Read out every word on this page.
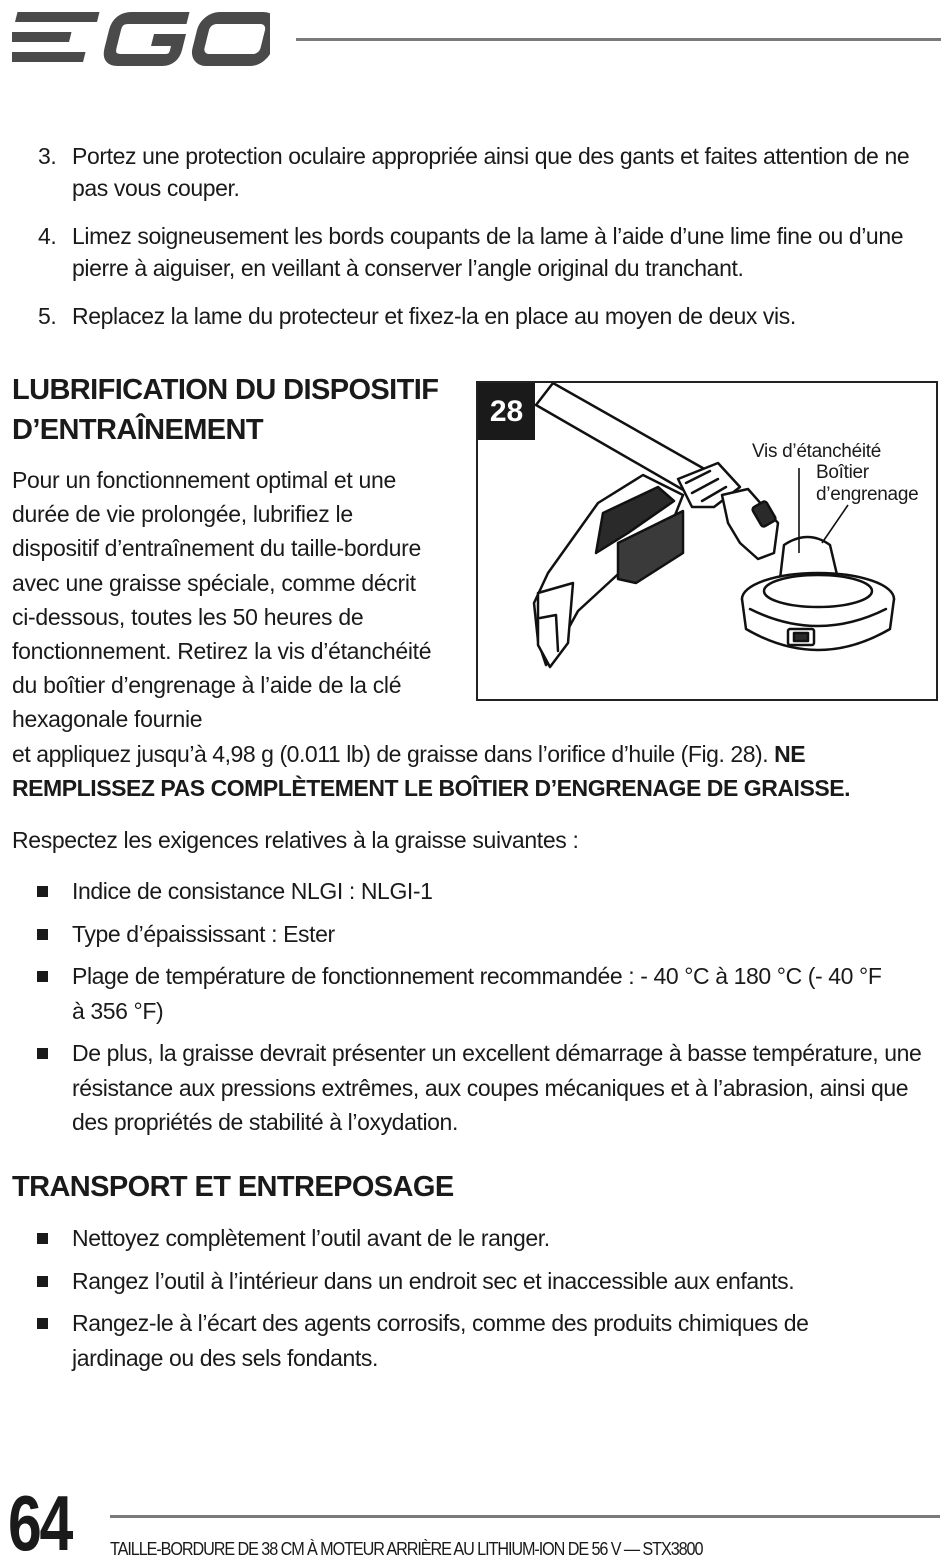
3. Portez une protection oculaire appropriée ainsi que des gants et faites attention de ne pas vous couper.
4. Limez soigneusement les bords coupants de la lame à l’aide d’une lime fine ou d’une pierre à aiguiser, en veillant à conserver l’angle original du tranchant.
5. Replacez la lame du protecteur et fixez-la en place au moyen de deux vis.
LUBRIFICATION DU DISPOSITIF
D’ENTRAÎNEMENT
Pour un fonctionnement optimal et une durée de vie prolongée, lubrifiez le dispositif d’entraînement du taille-bordure avec une graisse spéciale, comme décrit ci-dessous, toutes les 50 heures de fonctionnement. Retirez la vis d’étanchéité du boîtier d’engrenage à l’aide de la clé hexagonale fournie
et appliquez jusqu’à 4,98 g (0.011 lb) de graisse dans l’orifice d’huile (Fig. 28). NE REMPLISSEZ PAS COMPLÈTEMENT LE BOÎTIER D’ENGRENAGE DE GRAISSE.
28
Vis d’étanchéité
Boîtier
d’engrenage
Respectez les exigences relatives à la graisse suivantes :
Indice de consistance NLGI : NLGI-1
Type d’épaississant : Ester
Plage de température de fonctionnement recommandée : - 40 °C à 180 °C (- 40 °F à 356 °F)
De plus, la graisse devrait présenter un excellent démarrage à basse température, une résistance aux pressions extrêmes, aux coupes mécaniques et à l’abrasion, ainsi que des propriétés de stabilité à l’oxydation.
TRANSPORT ET ENTREPOSAGE
Nettoyez complètement l’outil avant de le ranger.
Rangez l’outil à l’intérieur dans un endroit sec et inaccessible aux enfants.
Rangez-le à l’écart des agents corrosifs, comme des produits chimiques de jardinage ou des sels fondants.
64 TAILLE-BORDURE DE 38 CM À MOTEUR ARRIÈRE AU LITHIUM-ION DE 56 V — STX3800
